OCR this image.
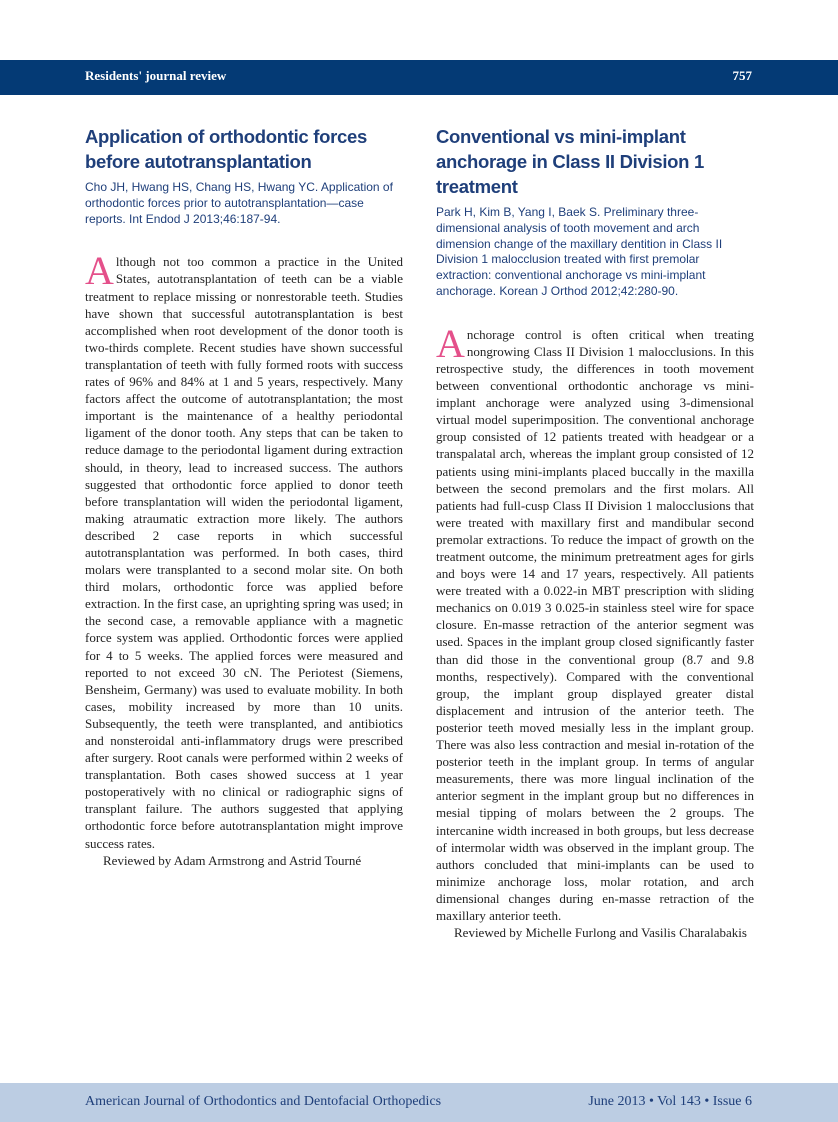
Residents' journal review	757
Application of orthodontic forces before autotransplantation
Cho JH, Hwang HS, Chang HS, Hwang YC. Application of orthodontic forces prior to autotransplantation—case reports. Int Endod J 2013;46:187-94.
A lthough not too common a practice in the United States, autotransplantation of teeth can be a viable treatment to replace missing or nonrestorable teeth. Studies have shown that successful autotransplantation is best accomplished when root development of the donor tooth is two-thirds complete. Recent studies have shown successful transplantation of teeth with fully formed roots with success rates of 96% and 84% at 1 and 5 years, respectively. Many factors affect the outcome of autotransplantation; the most important is the maintenance of a healthy periodontal ligament of the donor tooth. Any steps that can be taken to reduce damage to the periodontal ligament during extraction should, in theory, lead to increased success. The authors suggested that orthodontic force applied to donor teeth before transplantation will widen the periodontal ligament, making atraumatic extraction more likely. The authors described 2 case reports in which successful autotransplantation was performed. In both cases, third molars were transplanted to a second molar site. On both third molars, orthodontic force was applied before extraction. In the first case, an uprighting spring was used; in the second case, a removable appliance with a magnetic force system was applied. Orthodontic forces were applied for 4 to 5 weeks. The applied forces were measured and reported to not exceed 30 cN. The Periotest (Siemens, Bensheim, Germany) was used to evaluate mobility. In both cases, mobility increased by more than 10 units. Subsequently, the teeth were transplanted, and antibiotics and nonsteroidal anti-inflammatory drugs were prescribed after surgery. Root canals were performed within 2 weeks of transplantation. Both cases showed success at 1 year postoperatively with no clinical or radiographic signs of transplant failure. The authors suggested that applying orthodontic force before autotransplantation might improve success rates.

Reviewed by Adam Armstrong and Astrid Tourné

Conventional vs mini-implant anchorage in Class II Division 1 treatment
Park H, Kim B, Yang I, Baek S. Preliminary three-dimensional analysis of tooth movement and arch dimension change of the maxillary dentition in Class II Division 1 malocclusion treated with first premolar extraction: conventional anchorage vs mini-implant anchorage. Korean J Orthod 2012;42:280-90.
A nchorage control is often critical when treating nongrowing Class II Division 1 malocclusions. In this retrospective study, the differences in tooth movement between conventional orthodontic anchorage vs mini-implant anchorage were analyzed using 3-dimensional virtual model superimposition. The conventional anchorage group consisted of 12 patients treated with headgear or a transpalatal arch, whereas the implant group consisted of 12 patients using mini-implants placed buccally in the maxilla between the second premolars and the first molars. All patients had full-cusp Class II Division 1 malocclusions that were treated with maxillary first and mandibular second premolar extractions. To reduce the impact of growth on the treatment outcome, the minimum pretreatment ages for girls and boys were 14 and 17 years, respectively. All patients were treated with a 0.022-in MBT prescription with sliding mechanics on 0.019 3 0.025-in stainless steel wire for space closure. En-masse retraction of the anterior segment was used. Spaces in the implant group closed significantly faster than did those in the conventional group (8.7 and 9.8 months, respectively). Compared with the conventional group, the implant group displayed greater distal displacement and intrusion of the anterior teeth. The posterior teeth moved mesially less in the implant group. There was also less contraction and mesial in-rotation of the posterior teeth in the implant group. In terms of angular measurements, there was more lingual inclination of the anterior segment in the implant group but no differences in mesial tipping of molars between the 2 groups. The intercanine width increased in both groups, but less decrease of intermolar width was observed in the implant group. The authors concluded that mini-implants can be used to minimize anchorage loss, molar rotation, and arch dimensional changes during en-masse retraction of the maxillary anterior teeth.

Reviewed by Michelle Furlong and Vasilis Charalabakis

American Journal of Orthodontics and Dentofacial Orthopedics	June 2013 • Vol 143 • Issue 6
